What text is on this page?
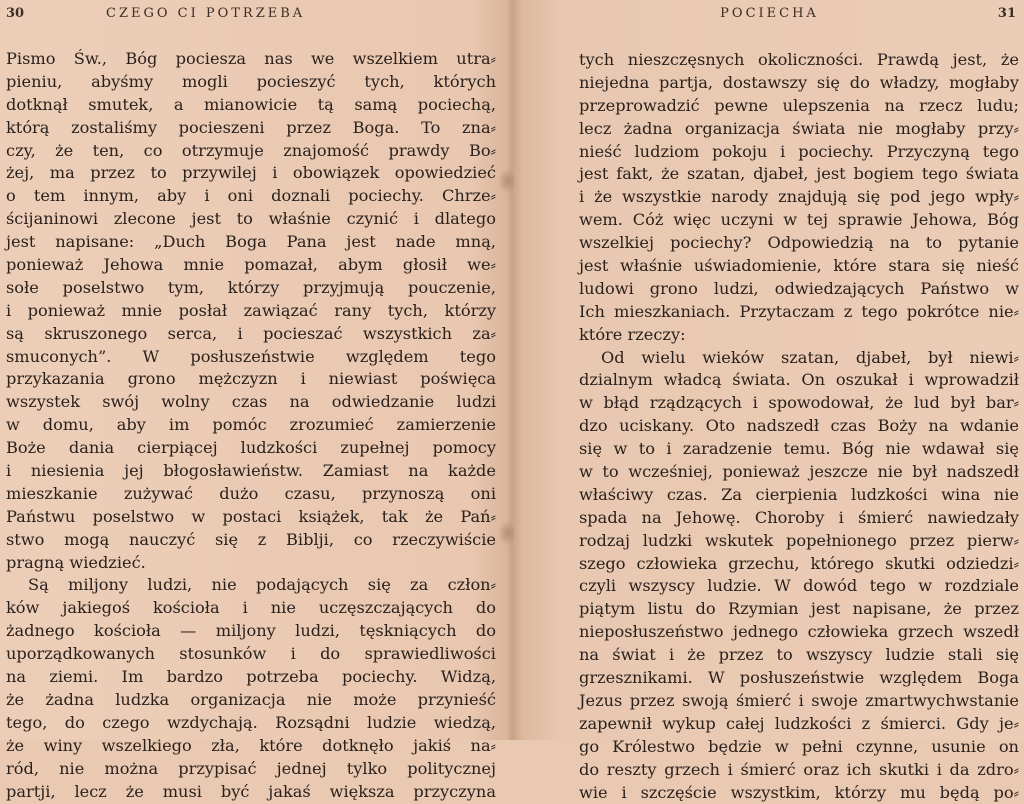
30	CZEGO CI POTRZEBA
Pismo Św., Bóg pociesza nas we wszelkiem utra⸗
pieniu, abyśmy mogli pocieszyć tych, których
dotknął smutek, a mianowicie tą samą pociechą,
którą zostaliśmy pocieszeni przez Boga. To zna⸗
czy, że ten, co otrzymuje znajomość prawdy Bo⸗
żej, ma przez to przywilej i obowiązek opowiedzieć
o tem innym, aby i oni doznali pociechy. Chrze⸗
ścijaninowi zlecone jest to właśnie czynić i dlatego
jest napisane: „Duch Boga Pana jest nade mną,
ponieważ Jehowa mnie pomazał, abym głosił we⸗
sołe poselstwo tym, którzy przyjmują pouczenie,
i ponieważ mnie posłał zawiązać rany tych, którzy
są skruszonego serca, i pocieszać wszystkich za⸗
smuconych”. W posłuszeństwie względem tego
przykazania grono mężczyzn i niewiast poświęca
wszystek swój wolny czas na odwiedzanie ludzi
w domu, aby im pomóc zrozumieć zamierzenie
Boże dania cierpiącej ludzkości zupełnej pomocy
i niesienia jej błogosławieństw. Zamiast na każde
mieszkanie zużywać dużo czasu, przynoszą oni
Państwu poselstwo w postaci książek, tak że Pań⸗
stwo mogą nauczyć się z Biblji, co rzeczywiście
pragną wiedzieć.
Są miljony ludzi, nie podających się za człon⸗
ków jakiegoś kościoła i nie uczęszczających do
żadnego kościoła — miljony ludzi, tęskniących do
uporządkowanych stosunków i do sprawiedliwości
na ziemi. Im bardzo potrzeba pociechy. Widzą,
że żadna ludzka organizacja nie może przynieść
tego, do czego wzdychają. Rozsądni ludzie wiedzą,
że winy wszelkiego zła, które dotknęło jakiś na⸗
ród, nie można przypisać jednej tylko politycznej
partji, lecz że musi być jakaś większa przyczyna
POCIECHA	31
tych nieszczęsnych okoliczności. Prawdą jest, że
niejedna partja, dostawszy się do władzy, mogłaby
przeprowadzić pewne ulepszenia na rzecz ludu;
lecz żadna organizacja świata nie mogłaby przy⸗
nieść ludziom pokoju i pociechy. Przyczyną tego
jest fakt, że szatan, djabeł, jest bogiem tego świata
i że wszystkie narody znajdują się pod jego wpły⸗
wem. Cóż więc uczyni w tej sprawie Jehowa, Bóg
wszelkiej pociechy? Odpowiedzią na to pytanie
jest właśnie uświadomienie, które stara się nieść
ludowi grono ludzi, odwiedzających Państwo w
Ich mieszkaniach. Przytaczam z tego pokrótce nie⸗
które rzeczy:
Od wielu wieków szatan, djabeł, był niewi⸗
dzialnym władcą świata. On oszukał i wprowadził
w błąd rządzących i spowodował, że lud był bar⸗
dzo uciskany. Oto nadszedł czas Boży na wdanie
się w to i zaradzenie temu. Bóg nie wdawał się
w to wcześniej, ponieważ jeszcze nie był nadszedł
właściwy czas. Za cierpienia ludzkości wina nie
spada na Jehowę. Choroby i śmierć nawiedzały
rodzaj ludzki wskutek popełnionego przez pierw⸗
szego człowieka grzechu, którego skutki odziedzi⸗
czyli wszyscy ludzie. W dowód tego w rozdziale
piątym listu do Rzymian jest napisane, że przez
nieposłuszeństwo jednego człowieka grzech wszedł
na świat i że przez to wszyscy ludzie stali się
grzesznikami. W posłuszeństwie względem Boga
Jezus przez swoją śmierć i swoje zmartwychwstanie
zapewnił wykup całej ludzkości z śmierci. Gdy je⸗
go Królestwo będzie w pełni czynne, usunie on
do reszty grzech i śmierć oraz ich skutki i da zdro⸗
wie i szczęście wszystkim, którzy mu będą po⸗
